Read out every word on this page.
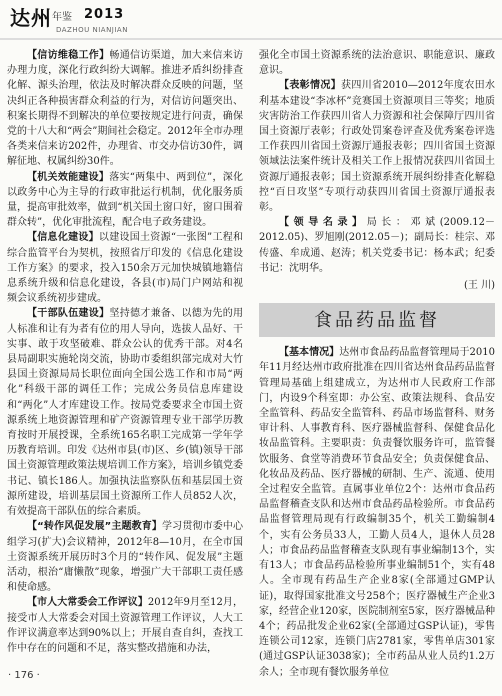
达州 年鉴 2013
DAZHOU NIANJIAN

【信访维稳工作】畅通信访渠道，加大来信来访办理力度，深化行政纠纷大调解。推进矛盾纠纷排查化解、源头治理，依法及时解决群众反映的问题，坚决纠正各种损害群众利益的行为，对信访问题突出、积案长期得不到解决的单位要按规定进行问责，确保党的十八大和“两会”期间社会稳定。2012年全市办理各类来信来访202件，办理省、市交办信访30件，调解征地、权属纠纷30件。

【机关效能建设】落实“两集中、两到位”，深化以政务中心为主导的行政审批运行机制，优化服务质量，提高审批效率，做到“机关国土窗口好，窗口围着群众转”，优化审批流程，配合电子政务建设。

【信息化建设】以建设国土资源“一张图”工程和综合监管平台为契机，按照省厅印发的《信息化建设工作方案》的要求，投入150余万元加快城镇地籍信息系统升级和信息化建设，各县(市)局门户网站和视频会议系统初步建成。

【干部队伍建设】坚持德才兼备、以德为先的用人标准和让有为者有位的用人导向，选拔人品好、干实事、敢于攻坚破难、群众公认的优秀干部。对4名县局副职实施轮岗交流，协助市委组织部完成对大竹县国土资源局局长职位面向全国公选工作和市局“两化”科级干部的调任工作；完成公务员信息库建设和“两化”人才库建设工作。按局党委要求全市国土资源系统上地资源管理和矿产资源管理专业干部学历教育按时开展授课，全系统165名职工完成第一学年学历教育培训。印发《达州市县(市)区、乡(镇)领导干部国土资源管理政策法规培训工作方案》，培训乡镇党委书记、镇长186人。加强执法监察队伍和基层国土资源所建设，培训基层国土资源所工作人员852人次，有效提高干部队伍的综合素质。

【“转作风促发展”主题教育】学习贯彻市委中心组学习(扩大)会议精神，2012年8—10月，在全市国土资源系统开展历时3个月的“转作风、促发展”主题活动，根治“庸懒散”现象，增强广大干部职工责任感和使命感。

【市人大常委会工作评议】2012年9月至12月，接受市人大常委会对国土资源管理工作评议，人大工作评议满意率达到90%以上；开展自查自纠，查找工作中存在的问题和不足，落实整改措施和办法，

强化全市国土资源系统的法治意识、职能意识、廉政意识。

【表彰情况】获四川省2010—2012年度农田水利基本建设“李冰杯”竞赛国土资源项目三等奖；地质灾害防治工作获四川省人力资源和社会保障厅四川省国土资源厅表彰；行政处罚案卷评查及优秀案卷评选工作获四川省国土资源厅通报表彰；四川省国土资源领域法法案件统计及相关工作上报情况获四川省国土资源厅通报表彰；国土资源系统开展纠纷排查化解稳控“百日攻坚”专项行动获四川省国土资源厅通报表彰。

【领导名录】局长：邓斌(2009.12－2012.05)、罗旭刚(2012.05－)；副局长：桂宗、邓传盛、牟成通、赵涛；机关党委书记：杨本武；纪委书记：沈明华。

(王 川)

食品药品监督

【基本情况】达州市食品药品监督管理局于2010年11月经达州市政府批准在四川省达州食品药品监督管理局基础上组建成立，为达州市人民政府工作部门，内设9个科室即：办公室、政策法规科、食品安全监管科、药品安全监管科、药品市场监督科、财务审计科、人事教育科、医疗器械监督科、保健食品化妆品监管科。主要职责：负责餐饮服务许可，监管餐饮服务、食堂等消费环节食品安全；负责保健食品、化妆品及药品、医疗器械的研制、生产、流通、使用全过程安全监管。直属事业单位2个：达州市食品药品监督稽查支队和达州市食品药品检验所。市食品药品监督管理局现有行政编制35个，机关工勤编制4个，实有公务员33人，工勤人员4人，退休人员28人；市食品药品监督稽查支队现有事业编制13个，实有13人；市食品药品检验所事业编制51个，实有48人。全市现有药品生产企业8家(全部通过GMP认证)，取得国家批准文号258个；医疗器械生产企业3家，经营企业120家，医院制剂室5家，医疗器械品种4个；药品批发企业62家(全部通过GSP认证)，零售连锁公司12家，连锁门店2781家，零售单店301家(通过GSP认证3038家)；全市药品从业人员约1.2万余人；全市现有餐饮服务单位

· 176 ·
